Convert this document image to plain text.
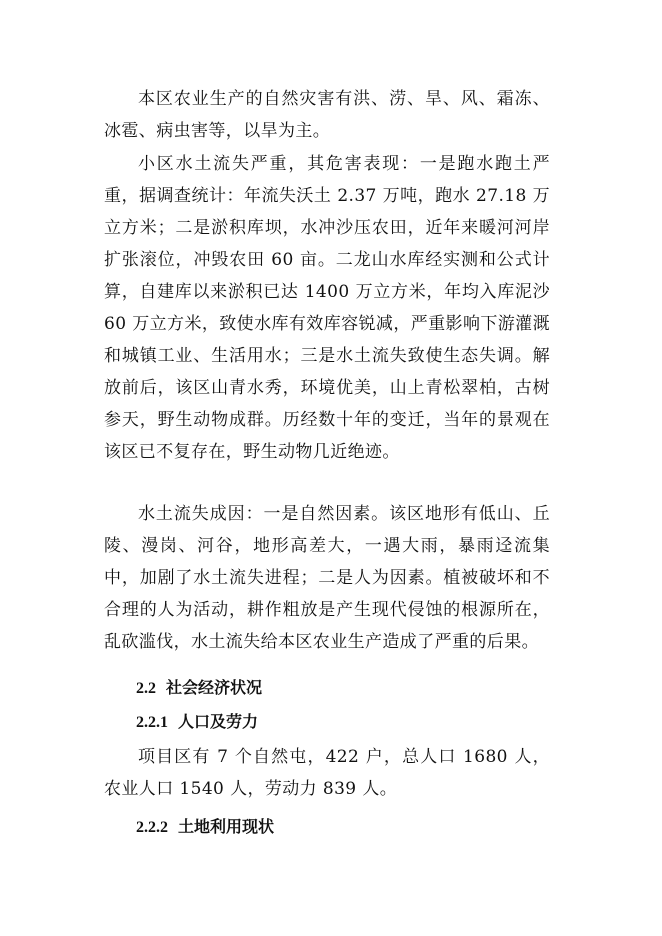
本区农业生产的自然灾害有洪、涝、旱、风、霜冻、冰雹、病虫害等，以旱为主。

小区水土流失严重，其危害表现：一是跑水跑土严重，据调查统计：年流失沃土 2.37 万吨，跑水 27.18 万立方米；二是淤积库坝，水冲沙压农田，近年来暖河河岸扩张滚位，冲毁农田 60 亩。二龙山水库经实测和公式计算，自建库以来淤积已达 1400 万立方米，年均入库泥沙 60 万立方米，致使水库有效库容锐减，严重影响下游灌溉和城镇工业、生活用水；三是水土流失致使生态失调。解放前后，该区山青水秀，环境优美，山上青松翠柏，古树参天，野生动物成群。历经数十年的变迁，当年的景观在该区已不复存在，野生动物几近绝迹。

水土流失成因：一是自然因素。该区地形有低山、丘陵、漫岗、河谷，地形高差大，一遇大雨，暴雨迳流集中，加剧了水土流失进程；二是人为因素。植被破坏和不合理的人为活动，耕作粗放是产生现代侵蚀的根源所在，乱砍滥伐，水土流失给本区农业生产造成了严重的后果。

2.2 社会经济状况
2.2.1 人口及劳力

项目区有 7 个自然屯，422 户，总人口 1680 人，农业人口 1540 人，劳动力 839 人。

2.2.2 土地利用现状
